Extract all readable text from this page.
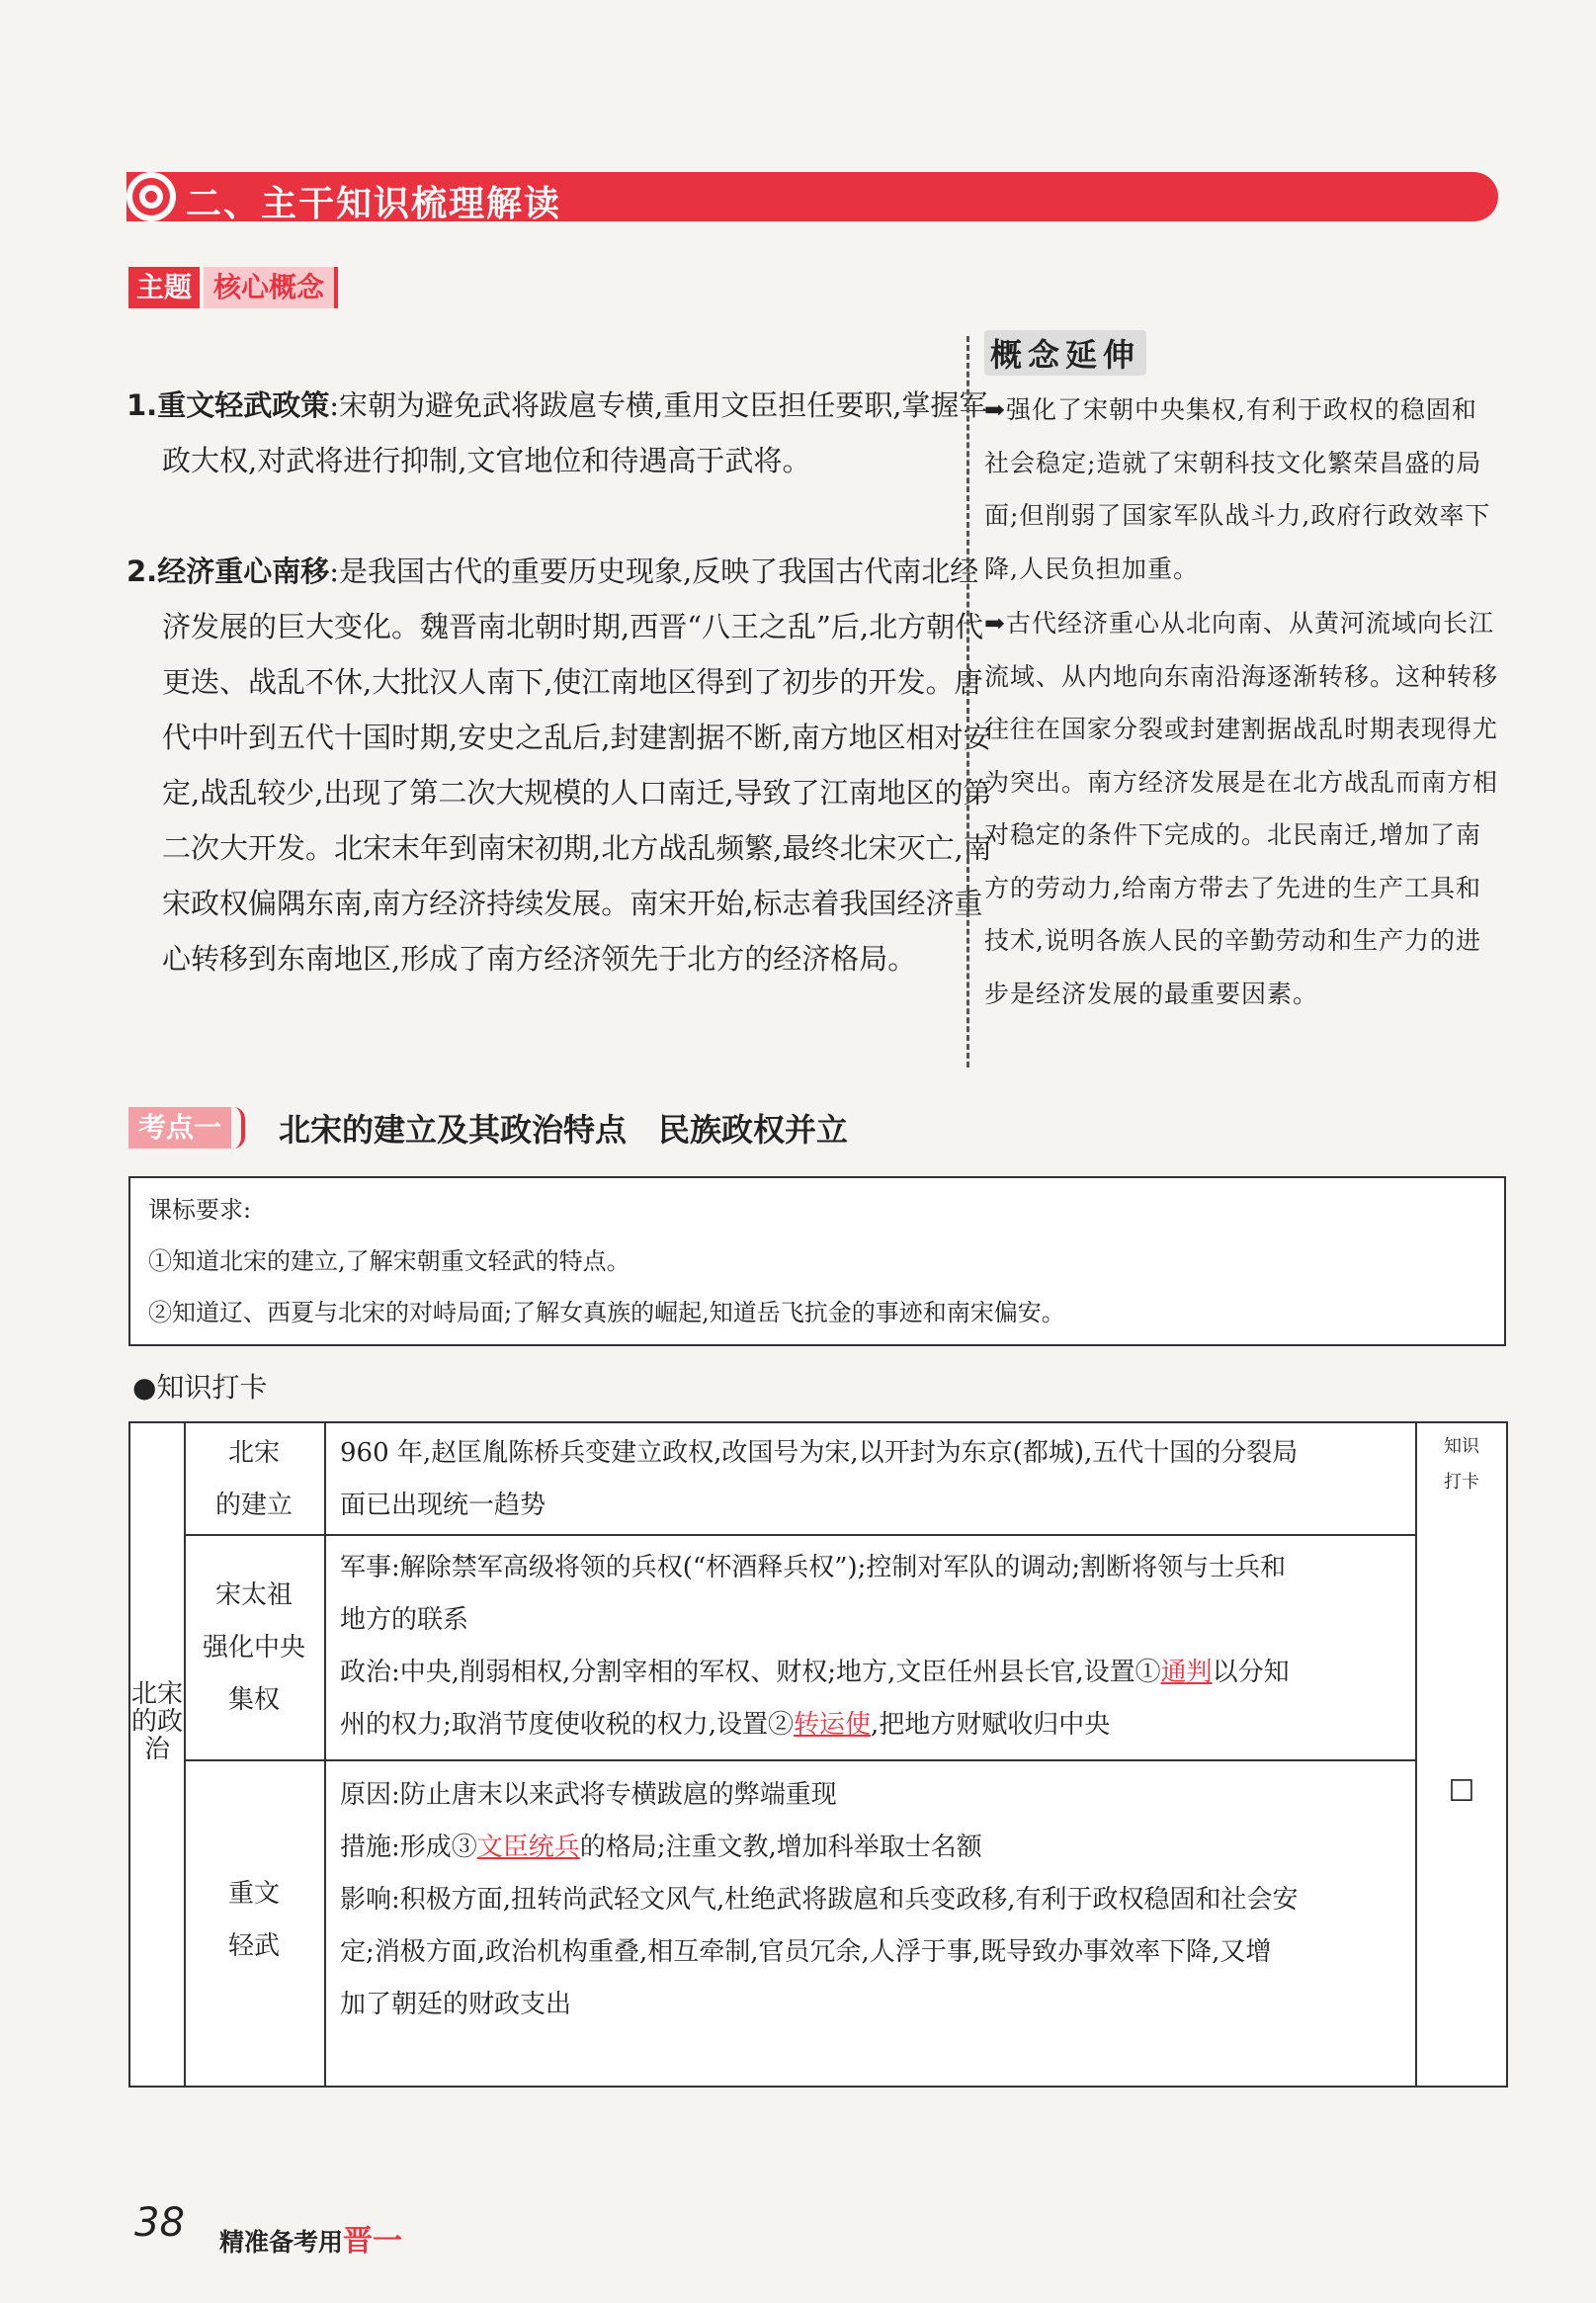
二、主干知识梳理解读
主题 核心概念
1.重文轻武政策:宋朝为避免武将跋扈专横,重用文臣担任要职,掌握军政大权,对武将进行抑制,文官地位和待遇高于武将。
2.经济重心南移:是我国古代的重要历史现象,反映了我国古代南北经济发展的巨大变化。魏晋南北朝时期,西晋“八王之乱”后,北方朝代更迭、战乱不休,大批汉人南下,使江南地区得到了初步的开发。唐代中叶到五代十国时期,安史之乱后,封建割据不断,南方地区相对安定,战乱较少,出现了第二次大规模的人口南迁,导致了江南地区的第二次大开发。北宋末年到南宋初期,北方战乱频繁,最终北宋灭亡,南宋政权偏隅东南,南方经济持续发展。南宋开始,标志着我国经济重心转移到东南地区,形成了南方经济领先于北方的经济格局。
概念延伸
➡强化了宋朝中央集权,有利于政权的稳固和社会稳定;造就了宋朝科技文化繁荣昌盛的局面;但削弱了国家军队战斗力,政府行政效率下降,人民负担加重。
➡古代经济重心从北向南、从黄河流域向长江流域、从内地向东南沿海逐渐转移。这种转移往往在国家分裂或封建割据战乱时期表现得尤为突出。南方经济发展是在北方战乱而南方相对稳定的条件下完成的。北民南迁,增加了南方的劳动力,给南方带去了先进的生产工具和技术,说明各族人民的辛勤劳动和生产力的进步是经济发展的最重要因素。
考点一	北宋的建立及其政治特点　民族政权并立
课标要求:
①知道北宋的建立,了解宋朝重文轻武的特点。
②知道辽、西夏与北宋的对峙局面;了解女真族的崛起,知道岳飞抗金的事迹和南宋偏安。
●知识打卡
北宋的政治
北宋
的建立
960 年,赵匡胤陈桥兵变建立政权,改国号为宋,以开封为东京(都城),五代十国的分裂局
面已出现统一趋势
宋太祖
强化中央
集权
军事:解除禁军高级将领的兵权(“杯酒释兵权”);控制对军队的调动;割断将领与士兵和
地方的联系
政治:中央,削弱相权,分割宰相的军权、财权;地方,文臣任州县长官,设置①通判以分知
州的权力;取消节度使收税的权力,设置②转运使,把地方财赋收归中央
重文
轻武
原因:防止唐末以来武将专横跋扈的弊端重现
措施:形成③文臣统兵的格局;注重文教,增加科举取士名额
影响:积极方面,扭转尚武轻文风气,杜绝武将跋扈和兵变政移,有利于政权稳固和社会安
定;消极方面,政治机构重叠,相互牵制,官员冗余,人浮于事,既导致办事效率下降,又增
加了朝廷的财政支出
知识
打卡
☐
38 精准备考用晋一
